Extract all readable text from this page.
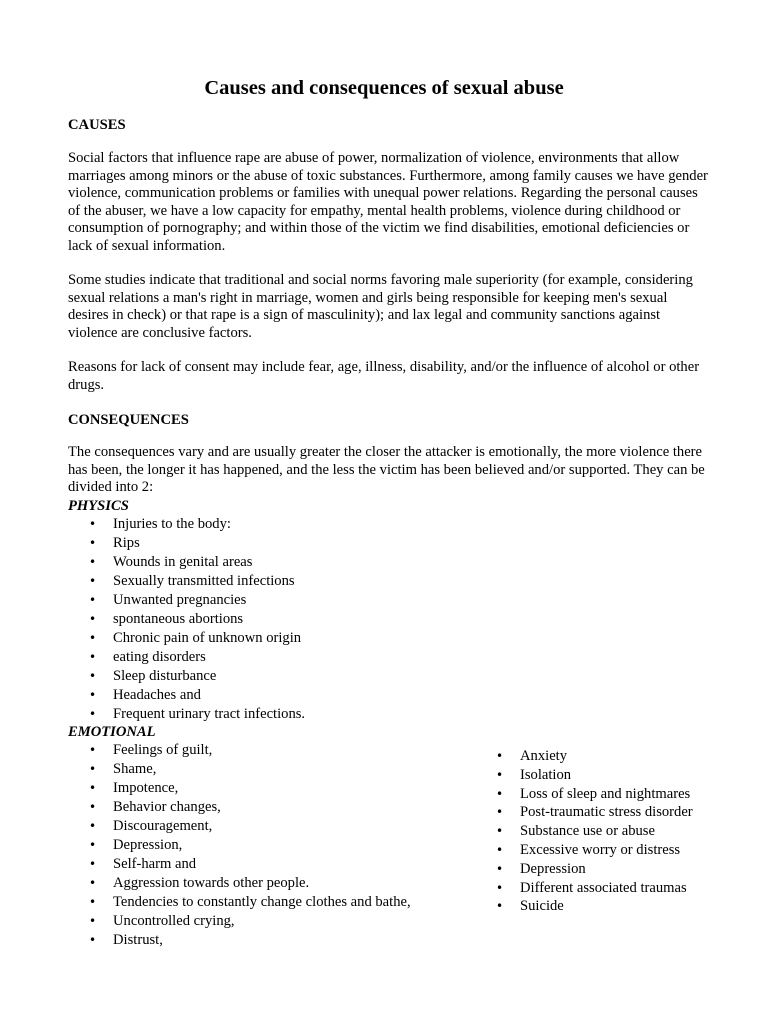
Causes and consequences of sexual abuse
CAUSES

Social factors that influence rape are abuse of power, normalization of violence, environments that allow marriages among minors or the abuse of toxic substances. Furthermore, among family causes we have gender violence, communication problems or families with unequal power relations. Regarding the personal causes of the abuser, we have a low capacity for empathy, mental health problems, violence during childhood or consumption of pornography; and within those of the victim we find disabilities, emotional deficiencies or lack of sexual information.

Some studies indicate that traditional and social norms favoring male superiority (for example, considering sexual relations a man's right in marriage, women and girls being responsible for keeping men's sexual desires in check) or that rape is a sign of masculinity); and lax legal and community sanctions against violence are conclusive factors.

Reasons for lack of consent may include fear, age, illness, disability, and/or the influence of alcohol or other drugs.

CONSEQUENCES

The consequences vary and are usually greater the closer the attacker is emotionally, the more violence there has been, the longer it has happened, and the less the victim has been believed and/or supported. They can be divided into 2:

PHYSICS
• Injuries to the body:
• Rips
• Wounds in genital areas
• Sexually transmitted infections
• Unwanted pregnancies
• spontaneous abortions
• Chronic pain of unknown origin
• eating disorders
• Sleep disturbance
• Headaches and
• Frequent urinary tract infections.
EMOTIONAL
• Feelings of guilt,
• Shame,
• Impotence,
• Behavior changes,
• Discouragement,
• Depression,
• Self-harm and
• Aggression towards other people.
• Tendencies to constantly change clothes and bathe,
• Uncontrolled crying,
• Distrust,
• Anxiety
• Isolation
• Loss of sleep and nightmares
• Post-traumatic stress disorder
• Substance use or abuse
• Excessive worry or distress
• Depression
• Different associated traumas
• Suicide
